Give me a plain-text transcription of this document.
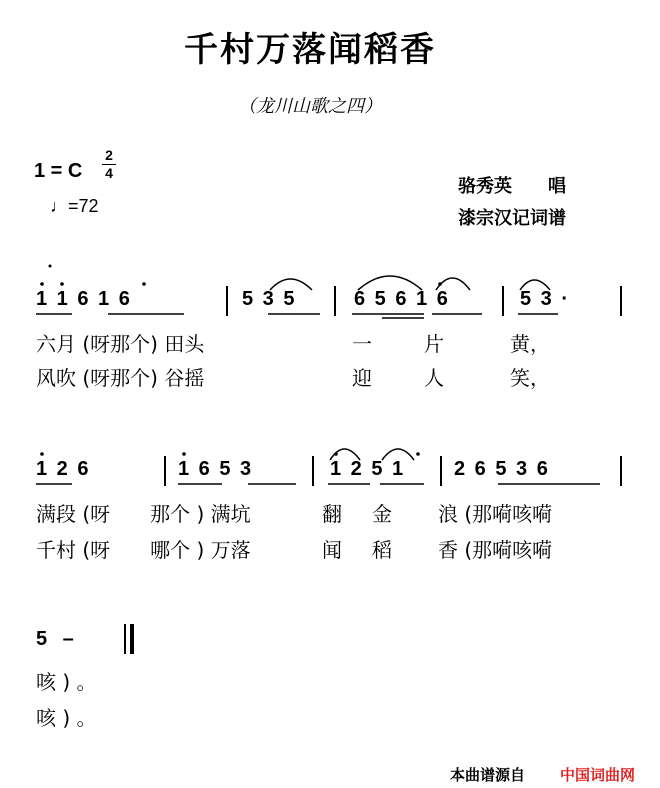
千村万落闻稻香
（龙川山歌之四）
1 = C
2
4
♩=72
骆秀英　　唱
漆宗汉记词谱
1 1 6 1 6	5 3 5	6 5 6 1 6	5 3 ·
六月 (呀那个) 田头	一	片	黄，
风吹 (呀那个) 谷摇	迎	人	笑，
1 2 6	1 6 5 3	1 2 5 1	2 6 5 3 6
满段 (呀　　那个 ) 满坑	翻 金 浪 (那嗬咳嗬
千村 (呀　　哪个 ) 万落	闻 稻 香 (那嗬咳嗬
5 –
咳 ) 。
咳 ) 。
本曲谱源自 中国词曲网
